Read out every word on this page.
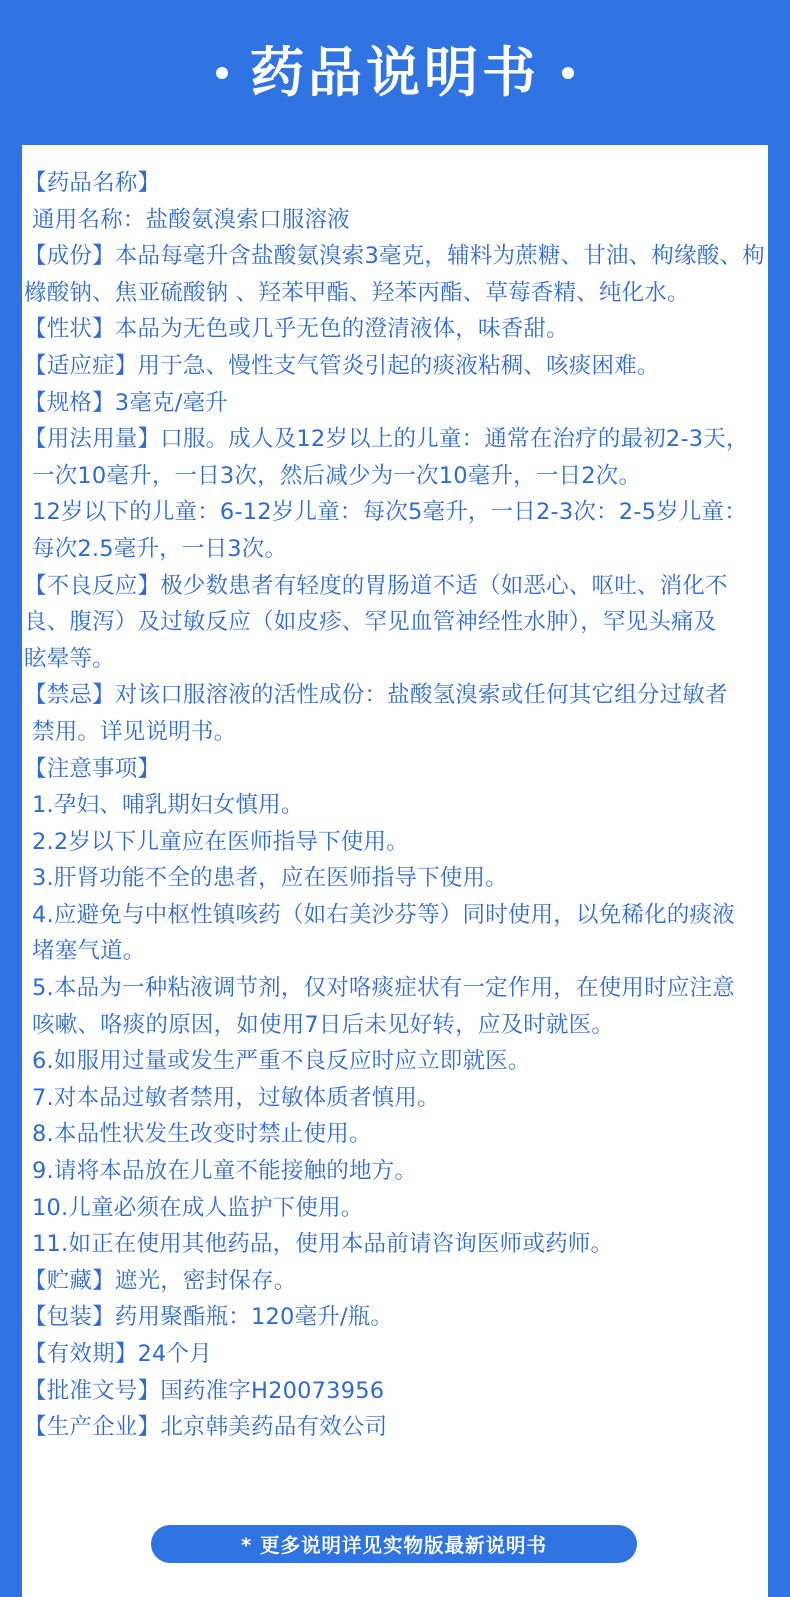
药品说明书
【药品名称】
通用名称：盐酸氨溴索口服溶液
【成份】本品每毫升含盐酸氨溴索3毫克，辅料为蔗糖、甘油、枸缘酸、枸
橼酸钠、焦亚硫酸钠 、羟苯甲酯、羟苯丙酯、草莓香精、纯化水。
【性状】本品为无色或几乎无色的澄清液体，味香甜。
【适应症】用于急、慢性支气管炎引起的痰液粘稠、咳痰困难。
【规格】3毫克/毫升
【用法用量】口服。成人及12岁以上的儿童：通常在治疗的最初2-3天，
一次10毫升，一日3次，然后减少为一次10毫升，一日2次。
12岁以下的儿童：6-12岁儿童：每次5毫升，一日2-3次：2-5岁儿童：
每次2.5毫升，一日3次。
【不良反应】极少数患者有轻度的胃肠道不适（如恶心、呕吐、消化不
良、腹泻）及过敏反应（如皮疹、罕见血管神经性水肿），罕见头痛及
眩晕等。
【禁忌】对该口服溶液的活性成份：盐酸氢溴索或任何其它组分过敏者
禁用。详见说明书。
【注意事项】
1.孕妇、哺乳期妇女慎用。
2.2岁以下儿童应在医师指导下使用。
3.肝肾功能不全的患者，应在医师指导下使用。
4.应避免与中枢性镇咳药（如右美沙芬等）同时使用，以免稀化的痰液
堵塞气道。
5.本品为一种粘液调节剂，仅对咯痰症状有一定作用，在使用时应注意
咳嗽、咯痰的原因，如使用7日后未见好转，应及时就医。
6.如服用过量或发生严重不良反应时应立即就医。
7.对本品过敏者禁用，过敏体质者慎用。
8.本品性状发生改变时禁止使用。
9.请将本品放在儿童不能接触的地方。
10.儿童必须在成人监护下使用。
11.如正在使用其他药品，使用本品前请咨询医师或药师。
【贮藏】遮光，密封保存。
【包装】药用聚酯瓶：120毫升/瓶。
【有效期】24个月
【批准文号】国药准字H20073956
【生产企业】北京韩美药品有效公司
* 更多说明详见实物版最新说明书
